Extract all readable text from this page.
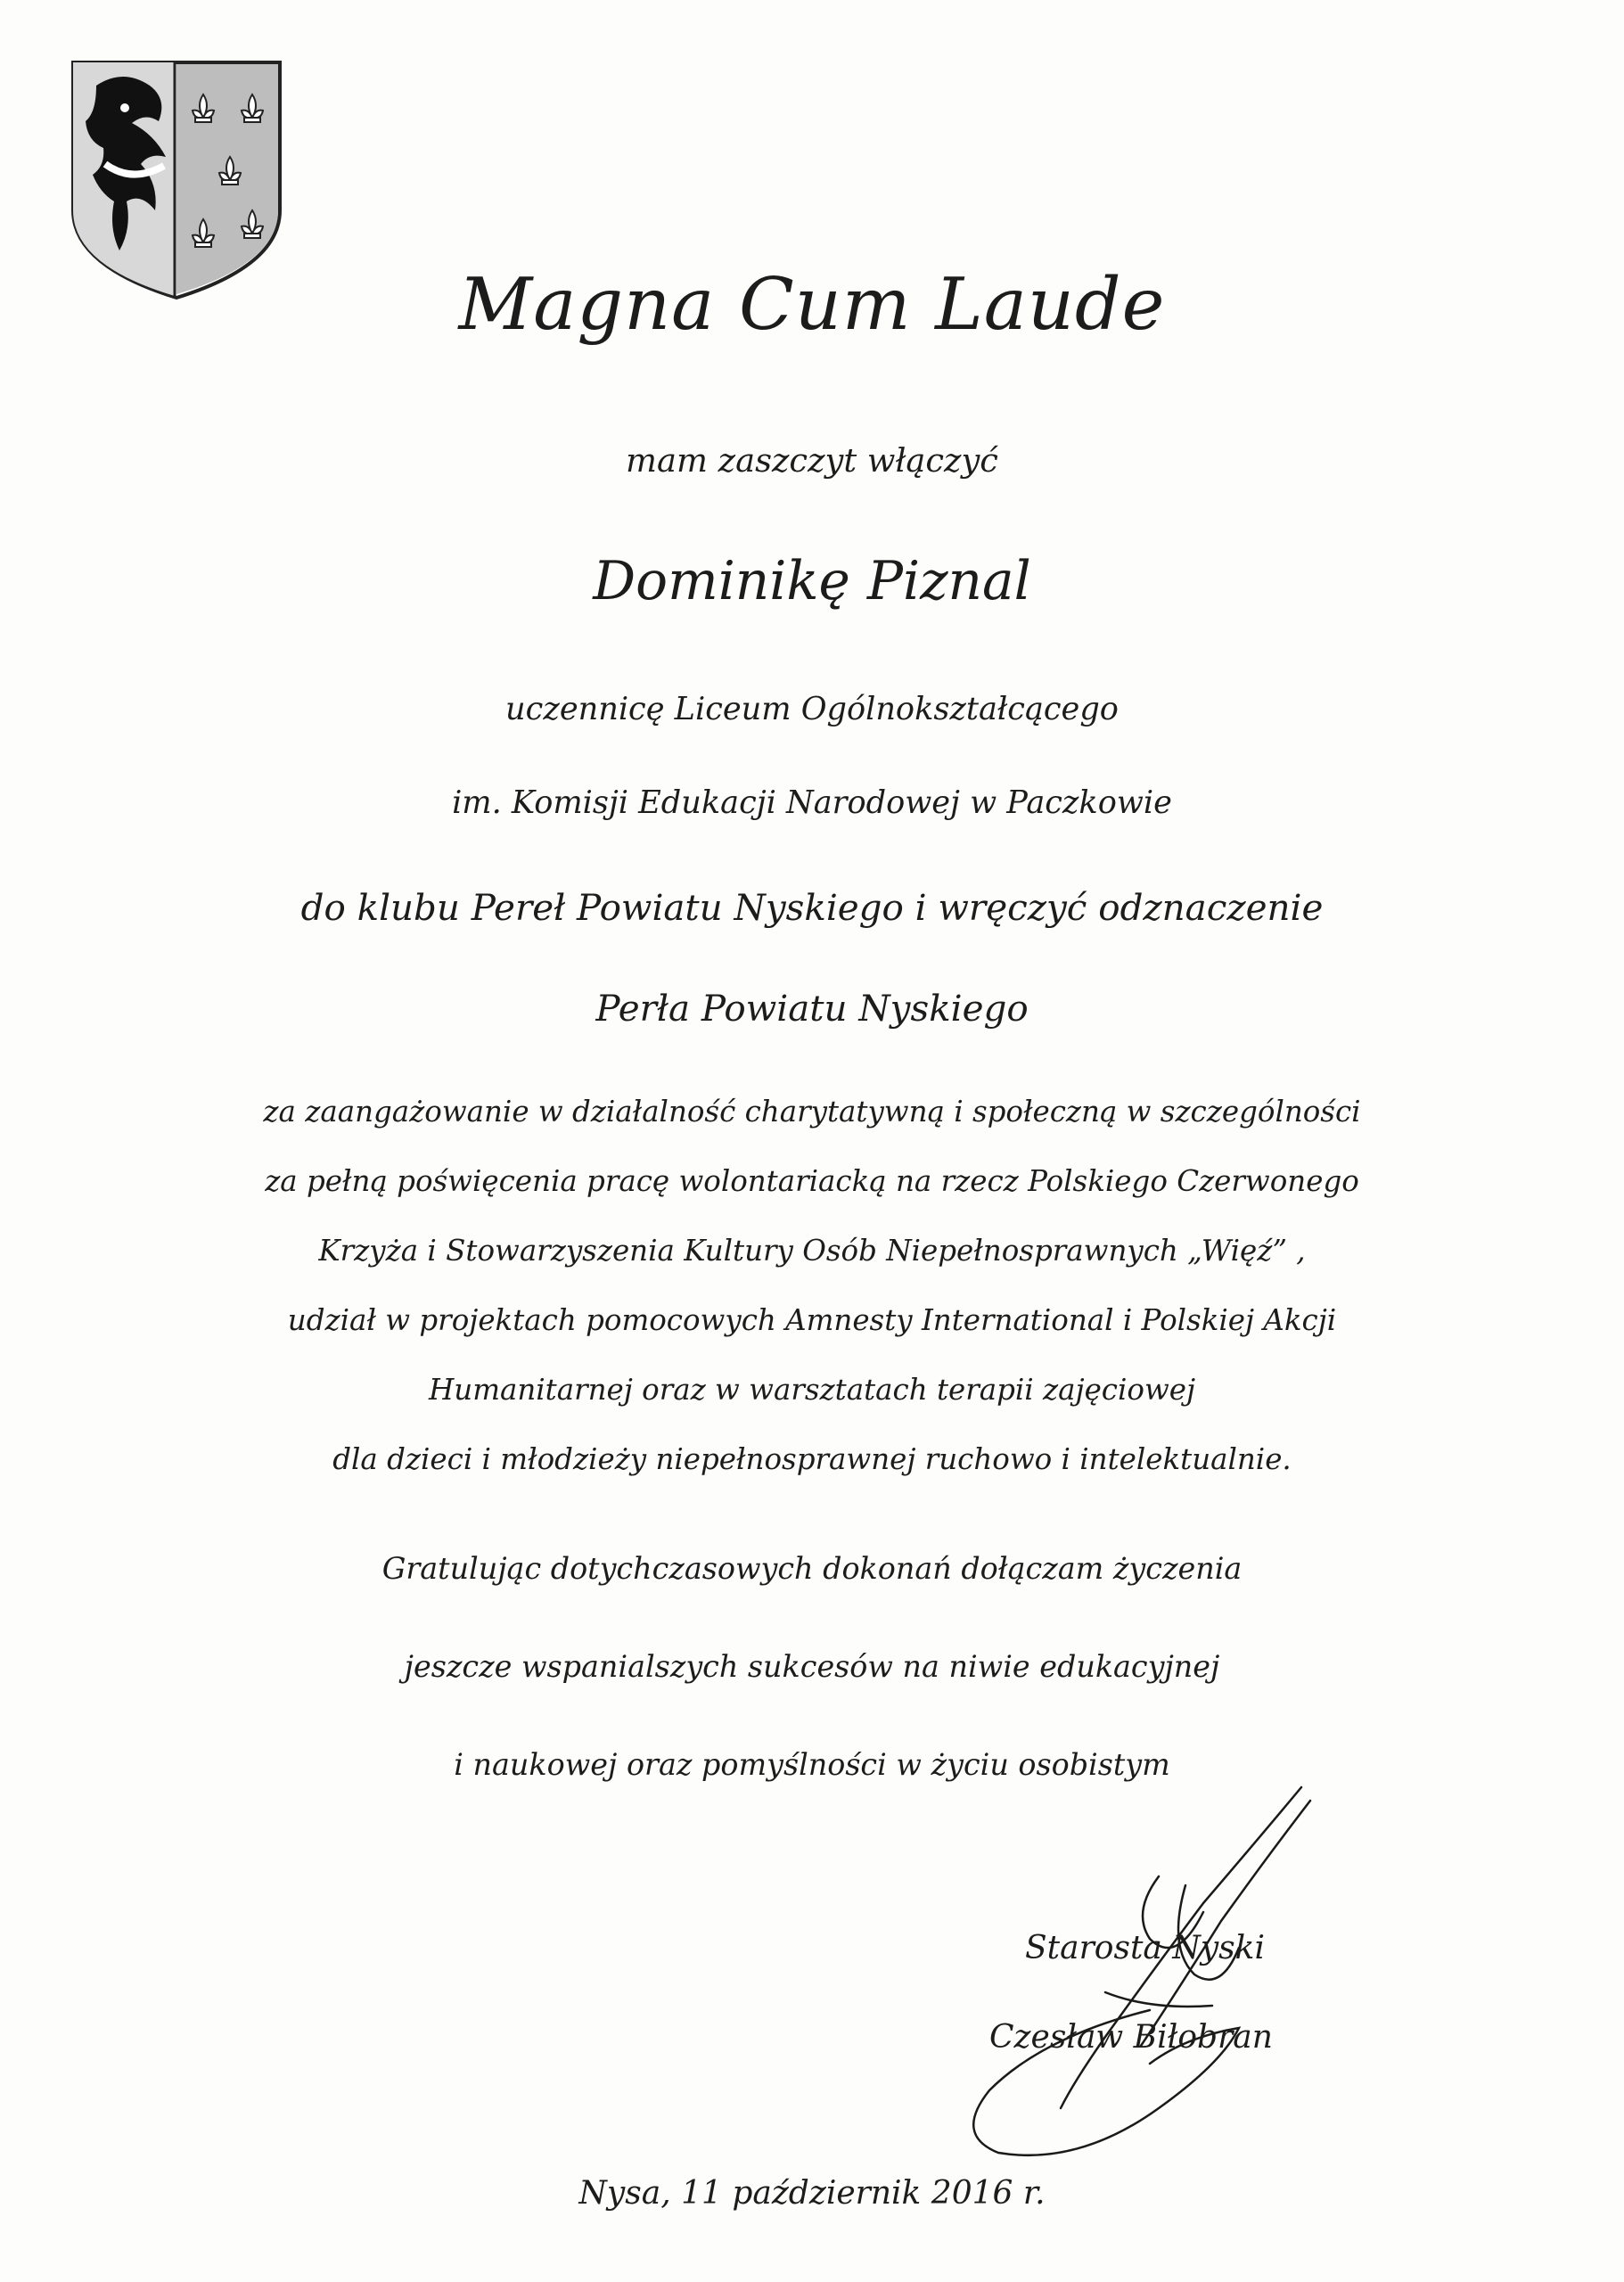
Magna Cum Laude
mam zaszczyt włączyć
Dominikę Piznal
uczennicę Liceum Ogólnokształcącego
im. Komisji Edukacji Narodowej w Paczkowie
do klubu Pereł Powiatu Nyskiego i wręczyć odznaczenie
Perła Powiatu Nyskiego
za zaangażowanie w działalność charytatywną i społeczną w szczególności
za pełną poświęcenia pracę wolontariacką na rzecz Polskiego Czerwonego
Krzyża i Stowarzyszenia Kultury Osób Niepełnosprawnych „Więź” ,
udział w projektach pomocowych Amnesty International i Polskiej Akcji
Humanitarnej oraz w warsztatach terapii zajęciowej
dla dzieci i młodzieży niepełnosprawnej ruchowo i intelektualnie.
Gratulując dotychczasowych dokonań dołączam życzenia
jeszcze wspanialszych sukcesów na niwie edukacyjnej
i naukowej oraz pomyślności w życiu osobistym
Starosta Nyski
Czesław Biłobran
Nysa, 11 październik 2016 r.
